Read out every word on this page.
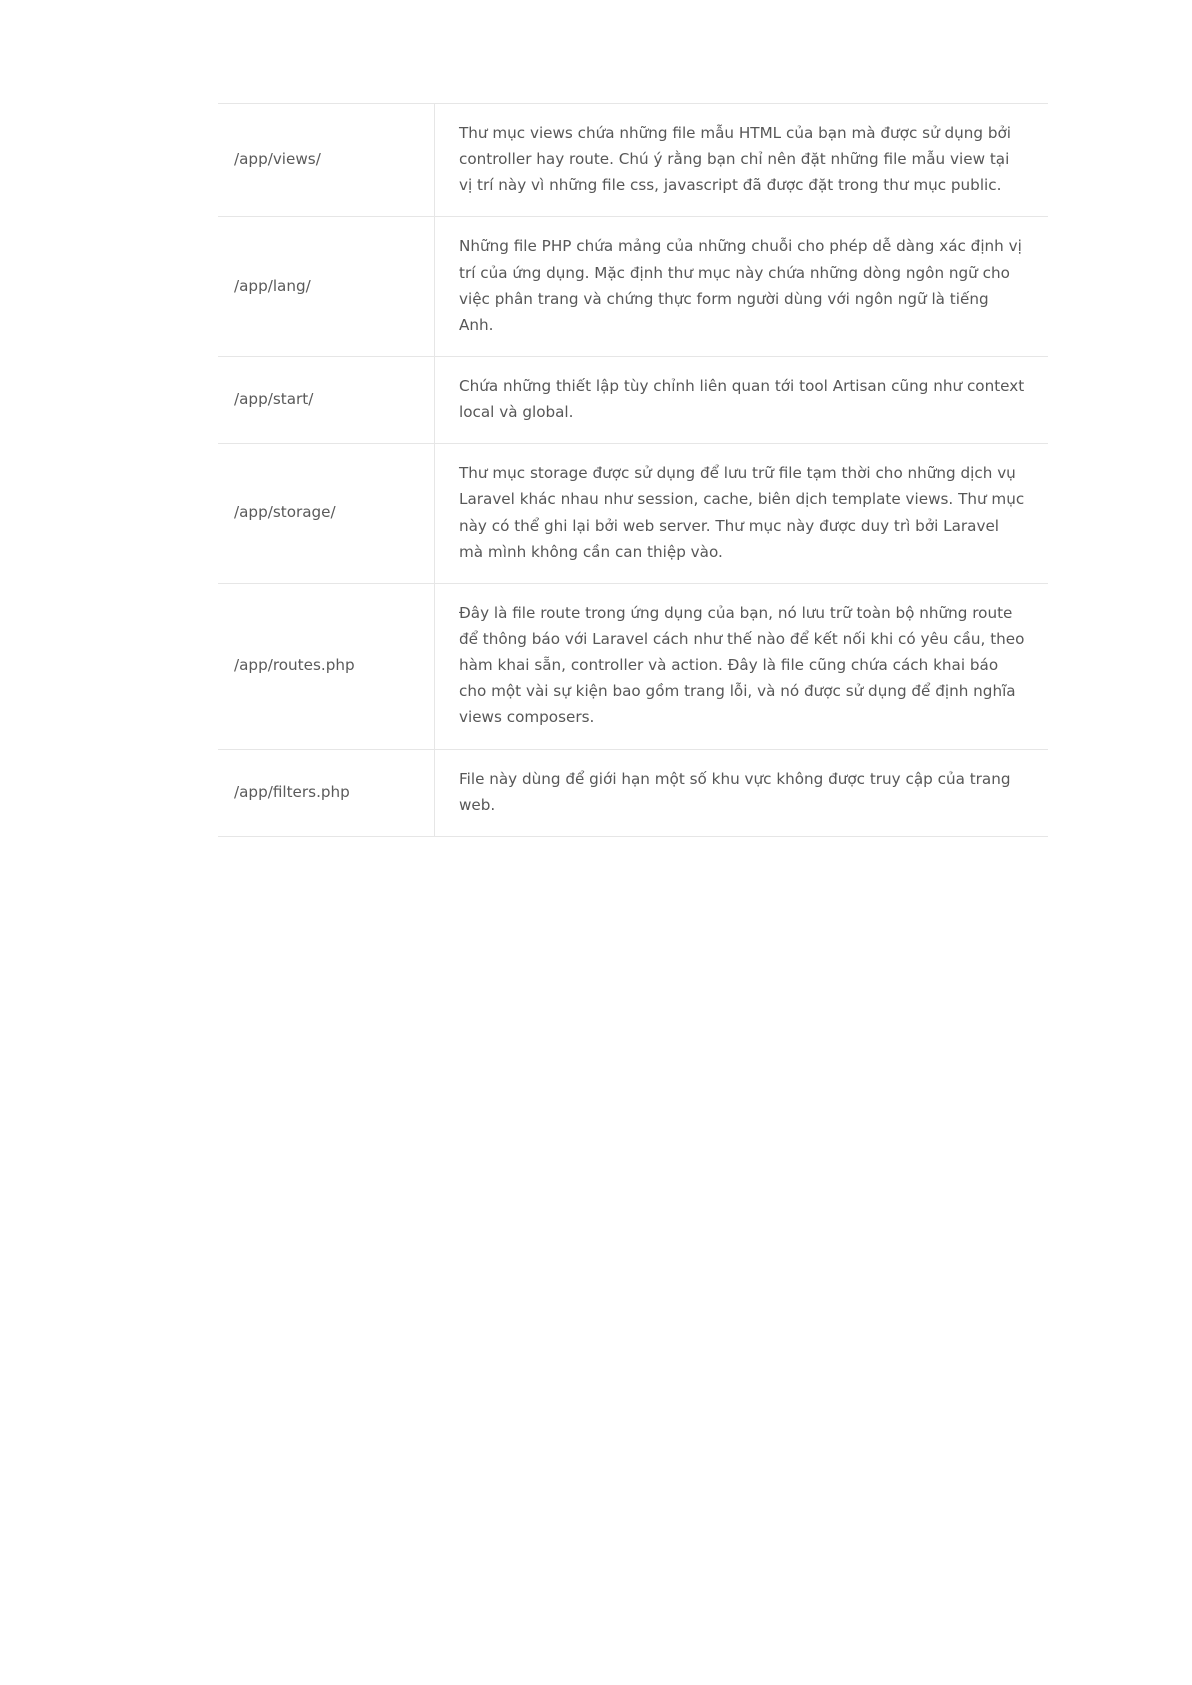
/app/views/	Thư mục views chứa những file mẫu HTML của bạn mà được sử dụng bởi controller hay route. Chú ý rằng bạn chỉ nên đặt những file mẫu view tại vị trí này vì những file css, javascript đã được đặt trong thư mục public.
/app/lang/	Những file PHP chứa mảng của những chuỗi cho phép dễ dàng xác định vị trí của ứng dụng. Mặc định thư mục này chứa những dòng ngôn ngữ cho việc phân trang và chứng thực form người dùng với ngôn ngữ là tiếng Anh.
/app/start/	Chứa những thiết lập tùy chỉnh liên quan tới tool Artisan cũng như context local và global.
/app/storage/	Thư mục storage được sử dụng để lưu trữ file tạm thời cho những dịch vụ Laravel khác nhau như session, cache, biên dịch template views. Thư mục này có thể ghi lại bởi web server. Thư mục này được duy trì bởi Laravel mà mình không cần can thiệp vào.
/app/routes.php	Đây là file route trong ứng dụng của bạn, nó lưu trữ toàn bộ những route để thông báo với Laravel cách như thế nào để kết nối khi có yêu cầu, theo hàm khai sẵn, controller và action. Đây là file cũng chứa cách khai báo cho một vài sự kiện bao gồm trang lỗi, và nó được sử dụng để định nghĩa views composers.
/app/filters.php	File này dùng để giới hạn một số khu vực không được truy cập của trang web.
